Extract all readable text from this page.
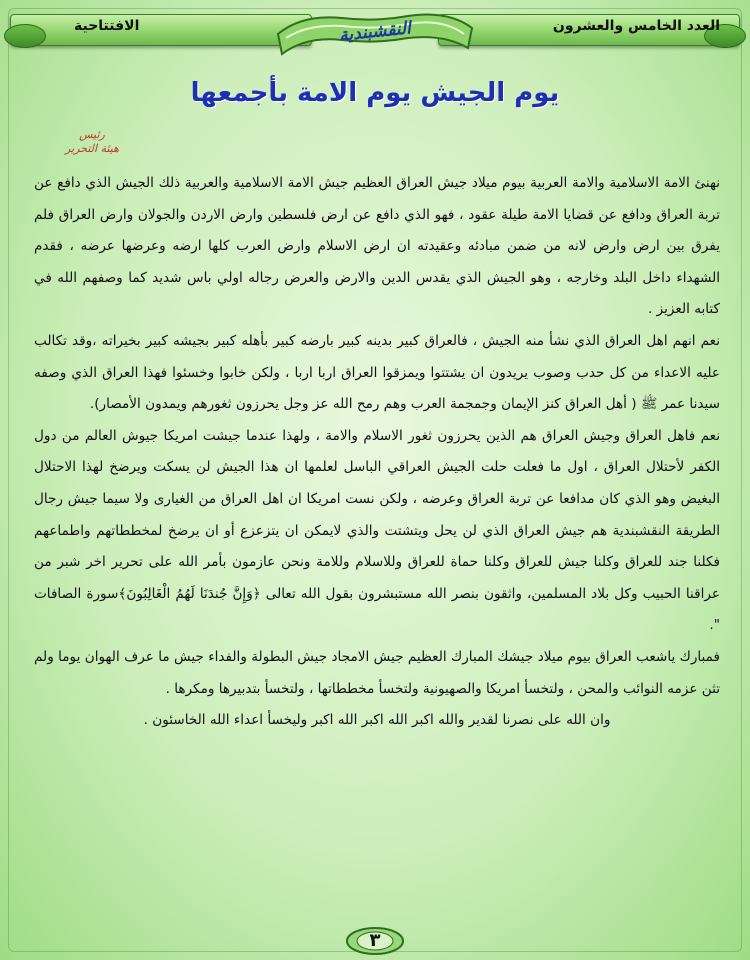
الافتتاحية	العدد الخامس والعشرون
النقشبندية
يوم الجيش يوم الامة بأجمعها
رئيس
هيئة التحرير

نهنئ الامة الاسلامية والامة العربية بيوم ميلاد جيش العراق العظيم جيش الامة الاسلامية والعربية ذلك الجيش الذي دافع عن تربة العراق ودافع عن قضايا الامة طيلة عقود ، فهو الذي دافع عن ارض فلسطين وارض الاردن والجولان وارض العراق فلم يفرق بين ارض وارض لانه من ضمن مبادئه وعقيدته ان ارض الاسلام وارض العرب كلها ارضه وعرضها عرضه ، فقدم الشهداء داخل البلد وخارجه ، وهو الجيش الذي يقدس الدين والارض والعرض رجاله اولي باس شديد كما وصفهم الله في كتابه العزيز .

نعم انهم اهل العراق الذي نشأ منه الجيش ، فالعراق كبير بدينه كبير بارضه كبير بأهله كبير بجيشه كبير بخيراته ،وقد تكالب عليه الاعداء من كل حدب وصوب يريدون ان يشتتوا ويمزقوا العراق اربا اربا ، ولكن خابوا وخسئوا فهذا العراق الذي وصفه سيدنا عمر ﷺ ( أهل العراق كنز الإيمان وجمجمة العرب وهم رمح الله عز وجل يحرزون ثغورهم ويمدون الأمصار).

نعم فاهل العراق وجيش العراق هم الذين يحرزون ثغور الاسلام والامة ، ولهذا عندما جيشت امريكا جيوش العالم من دول الكفر لأحتلال العراق ، اول ما فعلت حلت الجيش العراقي الباسل لعلمها ان هذا الجيش لن يسكت ويرضخ لهذا الاحتلال البغيض وهو الذي كان مدافعا عن تربة العراق وعرضه ، ولكن نست امريكا ان اهل العراق من الغيارى ولا سيما جيش رجال الطريقة النقشبندية هم جيش العراق الذي لن يحل ويتشتت والذي لايمكن ان يتزعزع أو ان يرضخ لمخططاتهم واطماعهم فكلنا جند للعراق وكلنا جيش للعراق وكلنا حماة للعراق وللاسلام وللامة ونحن عازمون بأمر الله على تحرير اخر شبر من عراقنا الحبيب وكل بلاد المسلمين، واثقون بنصر الله مستبشرون بقول الله تعالى ﴿وَإِنَّ جُندَنَا لَهُمُ الْغَالِبُونَ﴾سورة الصافات ".

فمبارك ياشعب العراق بيوم ميلاد جيشك المبارك العظيم جيش الامجاد جيش البطولة والفداء جيش ما عرف الهوان يوما ولم تثن عزمه النوائب والمحن ، ولتخسأ امريكا والصهيونية ولتخسأ مخططاتها ، ولتخسأ بتدبيرها ومكرها .

وان الله على نصرنا لقدير والله اكبر الله اكبر الله اكبر وليخسأ اعداء الله الخاسئون .

٣
